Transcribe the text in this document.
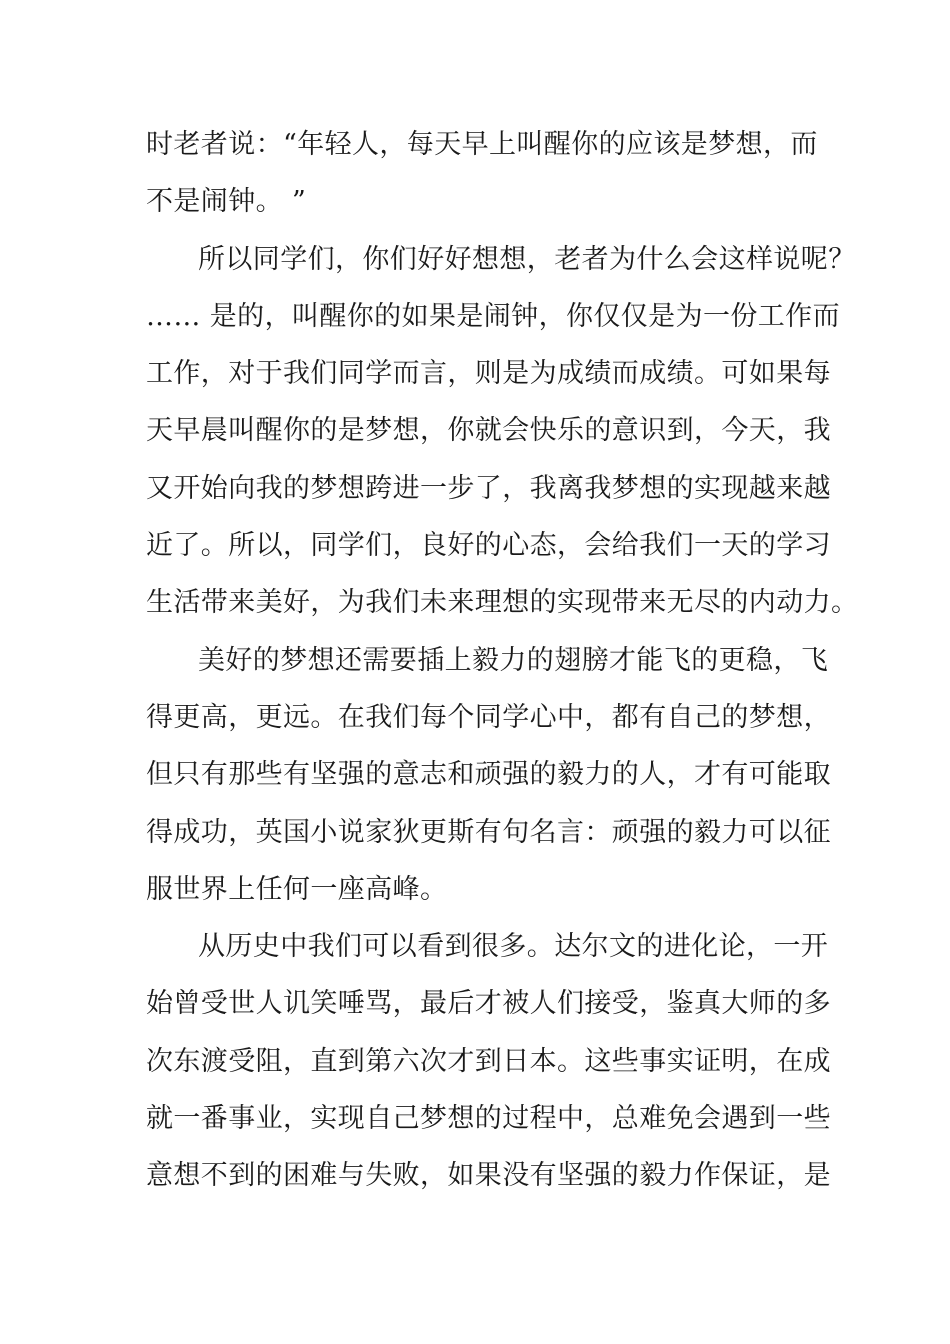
时老者说：“年轻人，每天早上叫醒你的应该是梦想，而
不是闹钟。 ”
所以同学们，你们好好想想，老者为什么会这样说呢？
…… 是的，叫醒你的如果是闹钟，你仅仅是为一份工作而
工作，对于我们同学而言，则是为成绩而成绩。可如果每
天早晨叫醒你的是梦想，你就会快乐的意识到，今天，我
又开始向我的梦想跨进一步了，我离我梦想的实现越来越
近了。所以，同学们，良好的心态，会给我们一天的学习
生活带来美好，为我们未来理想的实现带来无尽的内动力。
美好的梦想还需要插上毅力的翅膀才能飞的更稳，飞
得更高，更远。在我们每个同学心中，都有自己的梦想，
但只有那些有坚强的意志和顽强的毅力的人，才有可能取
得成功，英国小说家狄更斯有句名言：顽强的毅力可以征
服世界上任何一座高峰。
从历史中我们可以看到很多。达尔文的进化论，一开
始曾受世人讥笑唾骂，最后才被人们接受，鉴真大师的多
次东渡受阻，直到第六次才到日本。这些事实证明，在成
就一番事业，实现自己梦想的过程中，总难免会遇到一些
意想不到的困难与失败，如果没有坚强的毅力作保证，是
